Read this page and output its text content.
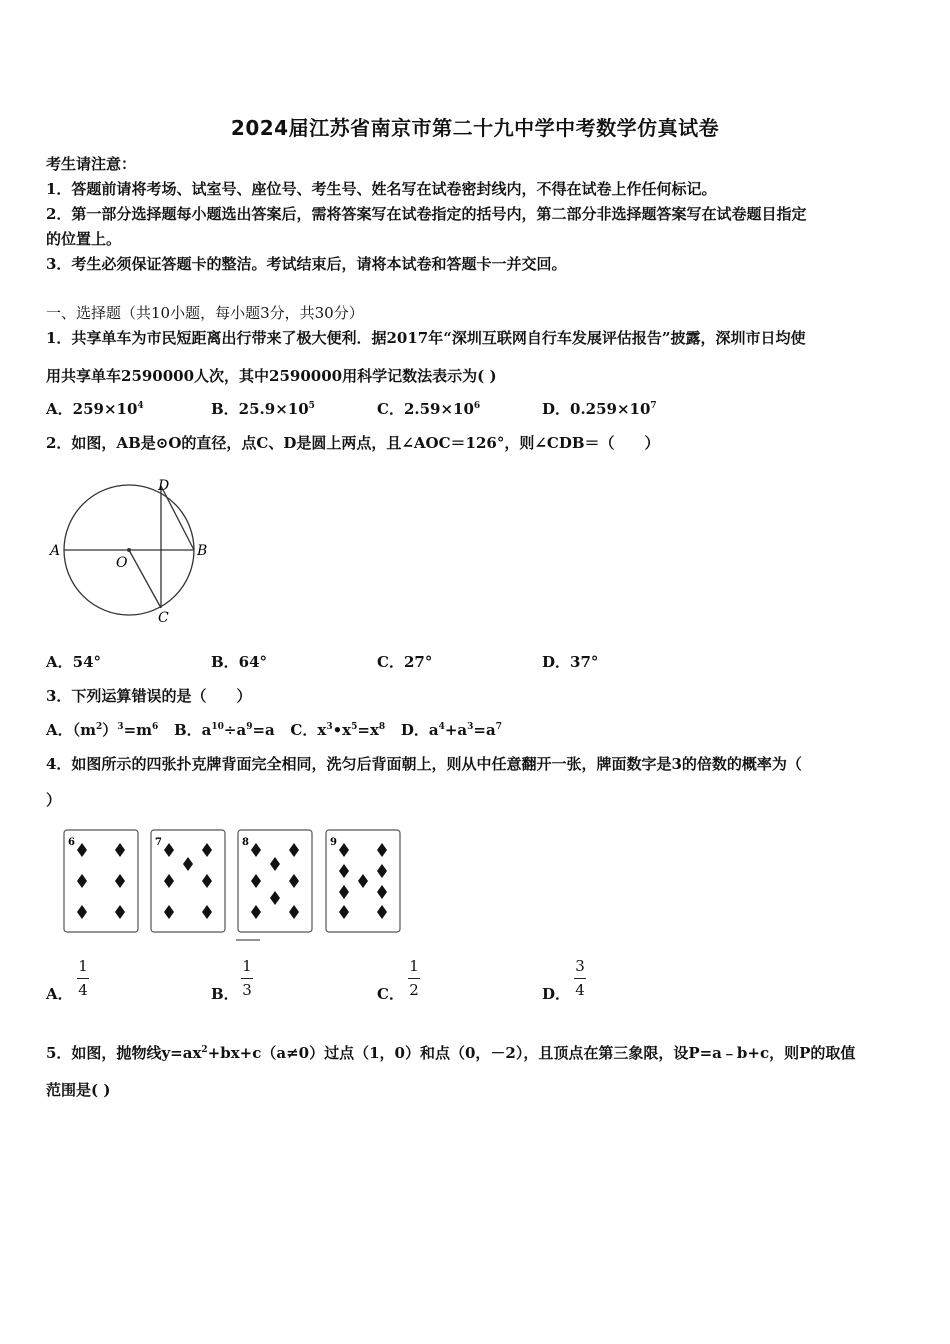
2024届江苏省南京市第二十九中学中考数学仿真试卷
考生请注意：
1．答题前请将考场、试室号、座位号、考生号、姓名写在试卷密封线内，不得在试卷上作任何标记。
2．第一部分选择题每小题选出答案后，需将答案写在试卷指定的括号内，第二部分非选择题答案写在试卷题目指定
的位置上。
3．考生必须保证答题卡的整洁。考试结束后，请将本试卷和答题卡一并交回。
一、选择题（共10小题，每小题3分，共30分）
1．共享单车为市民短距离出行带来了极大便利．据2017年“深圳互联网自行车发展评估报告”披露，深圳市日均使
用共享单车2590000人次，其中2590000用科学记数法表示为( )
A．$259\times 10^4$	B．$25.9\times 10^5$	C．$2.59\times 10^6$	D．$0.259\times 10^7$
2．如图，AB是⊙O的直径，点C、D是圆上两点，且∠AOC＝126°，则∠CDB＝（　　）
A	B
C
D
O
A．54°	B．64°	C．27°	D．37°
3．下列运算错误的是（　　）
A．$(m^2)^3=m^6$ B．$a^{10}\div a^9=a$ C．$x^3•x^5=x^8$ D．$a^4+a^3=a^7$
4．如图所示的四张扑克牌背面完全相同，洗匀后背面朝上，则从中任意翻开一张，牌面数字是3的倍数的概率为（
）
6	7	8	9
A．
1
4	B．
1
3	C．
1
2	D．
3
4
5．如图，抛物线$y=ax^2+bx+c(a\ne 0)$过点（1，0）和点（0，－2），且顶点在第三象限，设P=a﹣b+c，则P的取值
范围是( )
